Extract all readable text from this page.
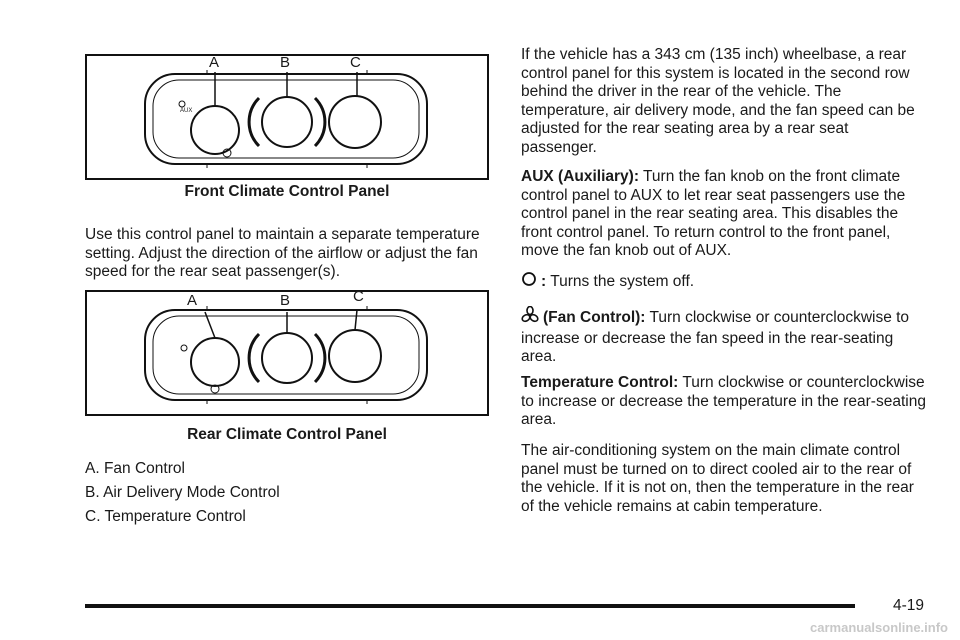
A	B	C
AUX
Front Climate Control Panel

Use this control panel to maintain a separate temperature setting. Adjust the direction of the airflow or adjust the fan speed for the rear seat passenger(s).

A	B	C
Rear Climate Control Panel
A. Fan Control
B. Air Delivery Mode Control
C. Temperature Control

If the vehicle has a 343 cm (135 inch) wheelbase, a rear control panel for this system is located in the second row behind the driver in the rear of the vehicle. The temperature, air delivery mode, and the fan speed can be adjusted for the rear seating area by a rear seat passenger.

AUX (Auxiliary): Turn the fan knob on the front climate control panel to AUX to let rear seat passengers use the control panel in the rear seating area. This disables the front control panel. To return control to the front panel, move the fan knob out of AUX.

: Turns the system off.

(Fan Control): Turn clockwise or counterclockwise to increase or decrease the fan speed in the rear-seating area.

Temperature Control: Turn clockwise or counterclockwise to increase or decrease the temperature in the rear-seating area.

The air-conditioning system on the main climate control panel must be turned on to direct cooled air to the rear of the vehicle. If it is not on, then the temperature in the rear of the vehicle remains at cabin temperature.

4-19
carmanualsonline.info
